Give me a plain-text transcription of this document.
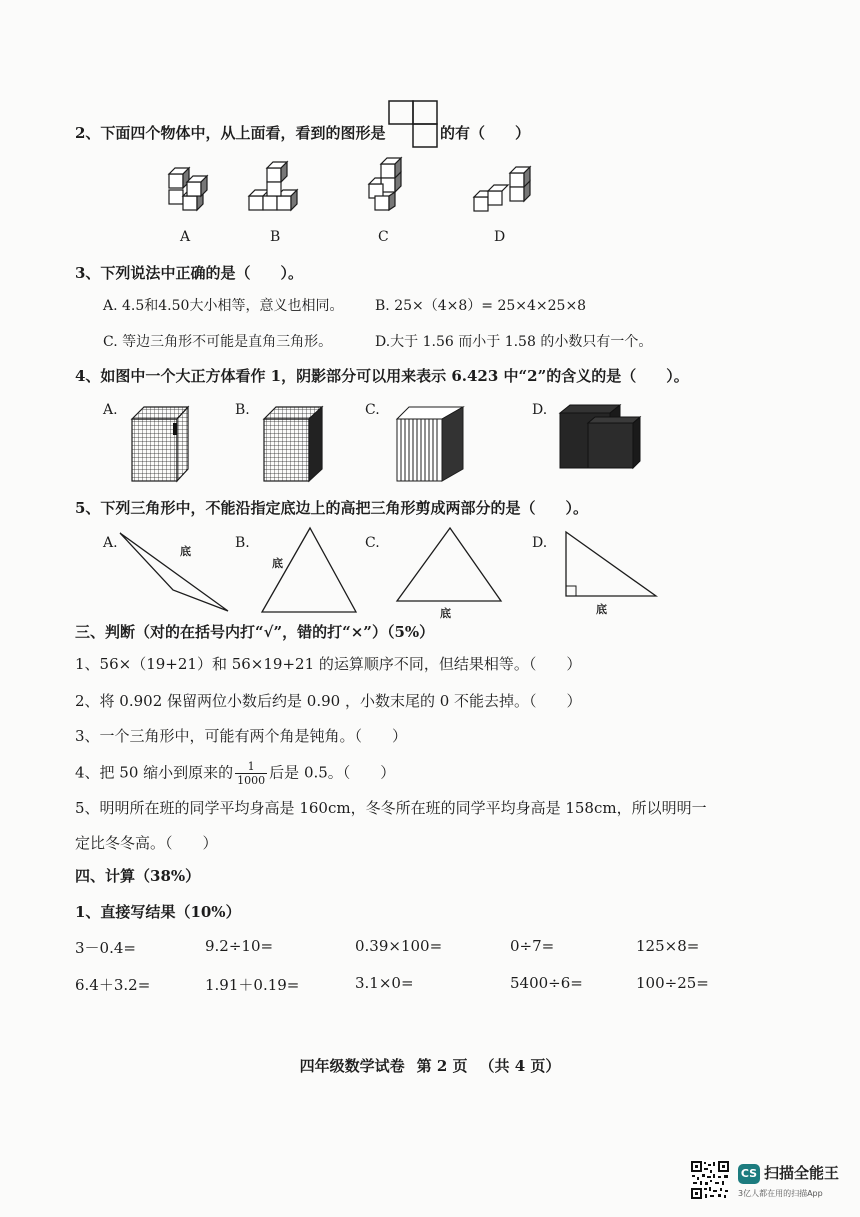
2、下面四个物体中，从上面看，看到的图形是	的有（　　）
A	B	C	D
3、下列说法中正确的是（　　）。
A. 4.5和4.50大小相等，意义也相同。 B. 25×（4×8）= 25×4×25×8
C. 等边三角形不可能是直角三角形。	D.大于 1.56 而小于 1.58 的小数只有一个。
4、如图中一个大正方体看作 1，阴影部分可以用来表示 6.423 中“2”的含义的是（　　）。
A.	B.	C.	D.
5、下列三角形中，不能沿指定底边上的高把三角形剪成两部分的是（　　）。
A.	B.	C.	D.
底
底
底	底
三、判断（对的在括号内打“√”，错的打“×”）（5%）
1、56×（19+21）和 56×19+21 的运算顺序不同，但结果相等。（　　）
2、将 0.902 保留两位小数后约是 0.90 ，小数末尾的 0 不能去掉。（　　）
3、一个三角形中，可能有两个角是钝角。（　　）
4、把 50 缩小到原来的 $\frac{1}{1000}$ 后是 0.5。（　　）
5、明明所在班的同学平均身高是 160cm，冬冬所在班的同学平均身高是 158cm，所以明明一
定比冬冬高。（　　）
四、计算（38%）
1、直接写结果（10%）
3－0.4=	9.2÷10=	0.39×100=	0÷7=	125×8=
6.4＋3.2=	1.91＋0.19=	3.1×0=	5400÷6=	100÷25=
四年级数学试卷 第 2 页 （共 4 页）
CS 扫描全能王
3亿人都在用的扫描App
